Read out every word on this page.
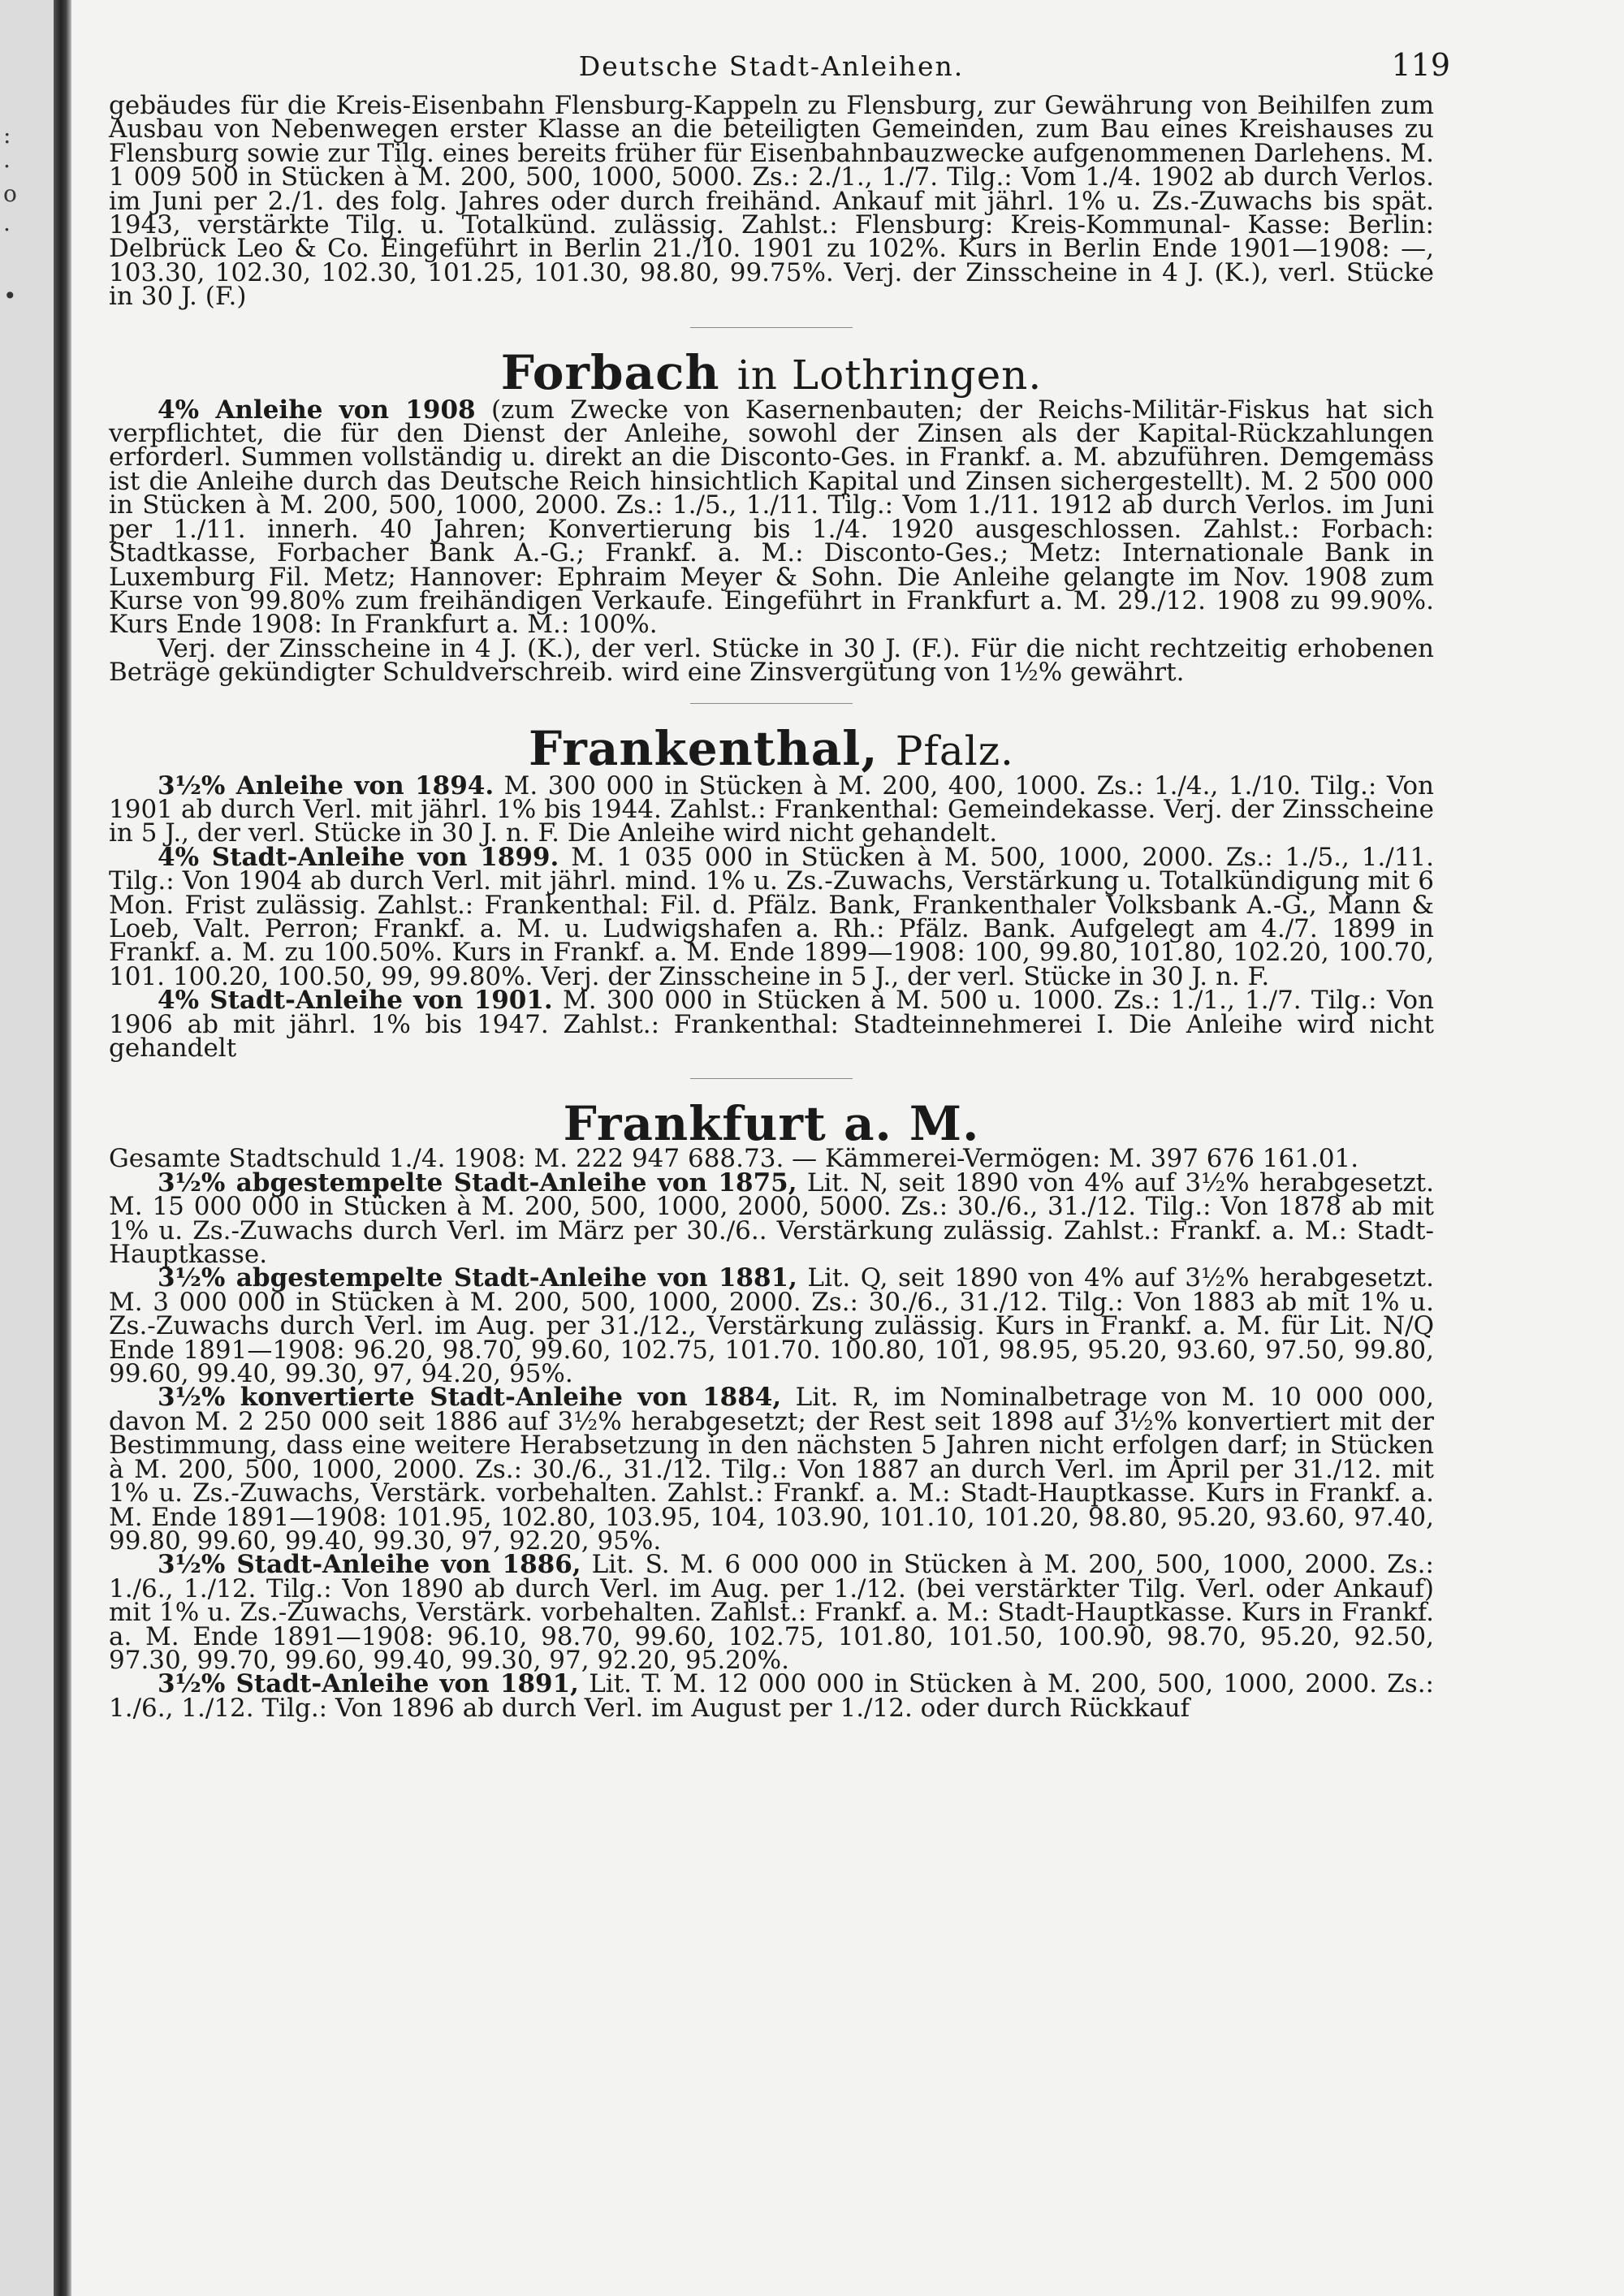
:
.
o
.
•
Deutsche Stadt-Anleihen.	119

gebäudes für die Kreis-Eisenbahn Flensburg-Kappeln zu Flensburg, zur Gewährung von Beihilfen zum Ausbau von Nebenwegen erster Klasse an die beteiligten Gemeinden, zum Bau eines Kreishauses zu Flensburg sowie zur Tilg. eines bereits früher für Eisenbahnbauzwecke aufgenommenen Darlehens. M. 1 009 500 in Stücken à M. 200, 500, 1000, 5000. Zs.: 2./1., 1./7. Tilg.: Vom 1./4. 1902 ab durch Verlos. im Juni per 2./1. des folg. Jahres oder durch freihänd. Ankauf mit jährl. 1% u. Zs.-Zuwachs bis spät. 1943, verstärkte Tilg. u. Totalkünd. zulässig. Zahlst.: Flensburg: Kreis-Kommunal- Kasse: Berlin: Delbrück Leo & Co. Eingeführt in Berlin 21./10. 1901 zu 102%. Kurs in Berlin Ende 1901—1908: —, 103.30, 102.30, 102.30, 101.25, 101.30, 98.80, 99.75%. Verj. der Zinsscheine in 4 J. (K.), verl. Stücke in 30 J. (F.)

Forbach in Lothringen.

4% Anleihe von 1908 (zum Zwecke von Kasernenbauten; der Reichs-Militär-Fiskus hat sich verpflichtet, die für den Dienst der Anleihe, sowohl der Zinsen als der Kapital-Rückzahlungen erforderl. Summen vollständig u. direkt an die Disconto-Ges. in Frankf. a. M. abzuführen. Demgemäss ist die Anleihe durch das Deutsche Reich hinsichtlich Kapital und Zinsen sichergestellt). M. 2 500 000 in Stücken à M. 200, 500, 1000, 2000. Zs.: 1./5., 1./11. Tilg.: Vom 1./11. 1912 ab durch Verlos. im Juni per 1./11. innerh. 40 Jahren; Konvertierung bis 1./4. 1920 ausgeschlossen. Zahlst.: Forbach: Stadtkasse, Forbacher Bank A.-G.; Frankf. a. M.: Disconto-Ges.; Metz: Internationale Bank in Luxemburg Fil. Metz; Hannover: Ephraim Meyer & Sohn. Die Anleihe gelangte im Nov. 1908 zum Kurse von 99.80% zum freihändigen Verkaufe. Eingeführt in Frankfurt a. M. 29./12. 1908 zu 99.90%. Kurs Ende 1908: In Frankfurt a. M.: 100%.

Verj. der Zinsscheine in 4 J. (K.), der verl. Stücke in 30 J. (F.). Für die nicht rechtzeitig erhobenen Beträge gekündigter Schuldverschreib. wird eine Zinsvergütung von 1½% gewährt.

Frankenthal, Pfalz.

3½% Anleihe von 1894. M. 300 000 in Stücken à M. 200, 400, 1000. Zs.: 1./4., 1./10. Tilg.: Von 1901 ab durch Verl. mit jährl. 1% bis 1944. Zahlst.: Frankenthal: Gemeindekasse. Verj. der Zinsscheine in 5 J., der verl. Stücke in 30 J. n. F. Die Anleihe wird nicht gehandelt.

4% Stadt-Anleihe von 1899. M. 1 035 000 in Stücken à M. 500, 1000, 2000. Zs.: 1./5., 1./11. Tilg.: Von 1904 ab durch Verl. mit jährl. mind. 1% u. Zs.-Zuwachs, Verstärkung u. Totalkündigung mit 6 Mon. Frist zulässig. Zahlst.: Frankenthal: Fil. d. Pfälz. Bank, Frankenthaler Volksbank A.-G., Mann & Loeb, Valt. Perron; Frankf. a. M. u. Ludwigshafen a. Rh.: Pfälz. Bank. Aufgelegt am 4./7. 1899 in Frankf. a. M. zu 100.50%. Kurs in Frankf. a. M. Ende 1899—1908: 100, 99.80, 101.80, 102.20, 100.70, 101. 100.20, 100.50, 99, 99.80%. Verj. der Zinsscheine in 5 J., der verl. Stücke in 30 J. n. F.

4% Stadt-Anleihe von 1901. M. 300 000 in Stücken à M. 500 u. 1000. Zs.: 1./1., 1./7. Tilg.: Von 1906 ab mit jährl. 1% bis 1947. Zahlst.: Frankenthal: Stadteinnehmerei I. Die Anleihe wird nicht gehandelt

Frankfurt a. M.

Gesamte Stadtschuld 1./4. 1908: M. 222 947 688.73. — Kämmerei-Vermögen: M. 397 676 161.01.

3½% abgestempelte Stadt-Anleihe von 1875, Lit. N, seit 1890 von 4% auf 3½% herabgesetzt. M. 15 000 000 in Stücken à M. 200, 500, 1000, 2000, 5000. Zs.: 30./6., 31./12. Tilg.: Von 1878 ab mit 1% u. Zs.-Zuwachs durch Verl. im März per 30./6.. Verstärkung zulässig. Zahlst.: Frankf. a. M.: Stadt-Hauptkasse.

3½% abgestempelte Stadt-Anleihe von 1881, Lit. Q, seit 1890 von 4% auf 3½% herabgesetzt. M. 3 000 000 in Stücken à M. 200, 500, 1000, 2000. Zs.: 30./6., 31./12. Tilg.: Von 1883 ab mit 1% u. Zs.-Zuwachs durch Verl. im Aug. per 31./12., Verstärkung zulässig. Kurs in Frankf. a. M. für Lit. N/Q Ende 1891—1908: 96.20, 98.70, 99.60, 102.75, 101.70. 100.80, 101, 98.95, 95.20, 93.60, 97.50, 99.80, 99.60, 99.40, 99.30, 97, 94.20, 95%.

3½% konvertierte Stadt-Anleihe von 1884, Lit. R, im Nominalbetrage von M. 10 000 000, davon M. 2 250 000 seit 1886 auf 3½% herabgesetzt; der Rest seit 1898 auf 3½% konvertiert mit der Bestimmung, dass eine weitere Herabsetzung in den nächsten 5 Jahren nicht erfolgen darf; in Stücken à M. 200, 500, 1000, 2000. Zs.: 30./6., 31./12. Tilg.: Von 1887 an durch Verl. im April per 31./12. mit 1% u. Zs.-Zuwachs, Verstärk. vorbehalten. Zahlst.: Frankf. a. M.: Stadt-Hauptkasse. Kurs in Frankf. a. M. Ende 1891—1908: 101.95, 102.80, 103.95, 104, 103.90, 101.10, 101.20, 98.80, 95.20, 93.60, 97.40, 99.80, 99.60, 99.40, 99.30, 97, 92.20, 95%.

3½% Stadt-Anleihe von 1886, Lit. S. M. 6 000 000 in Stücken à M. 200, 500, 1000, 2000. Zs.: 1./6., 1./12. Tilg.: Von 1890 ab durch Verl. im Aug. per 1./12. (bei verstärkter Tilg. Verl. oder Ankauf) mit 1% u. Zs.-Zuwachs, Verstärk. vorbehalten. Zahlst.: Frankf. a. M.: Stadt-Hauptkasse. Kurs in Frankf. a. M. Ende 1891—1908: 96.10, 98.70, 99.60, 102.75, 101.80, 101.50, 100.90, 98.70, 95.20, 92.50, 97.30, 99.70, 99.60, 99.40, 99.30, 97, 92.20, 95.20%.

3½% Stadt-Anleihe von 1891, Lit. T. M. 12 000 000 in Stücken à M. 200, 500, 1000, 2000. Zs.: 1./6., 1./12. Tilg.: Von 1896 ab durch Verl. im August per 1./12. oder durch Rückkauf
